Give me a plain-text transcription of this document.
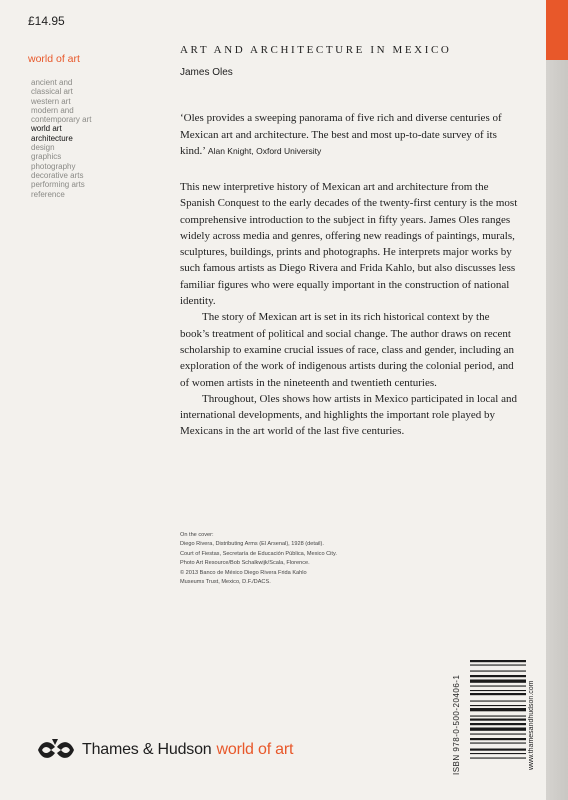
£14.95
world of art
ancient and
classical art
western art
modern and
contemporary art
world art
architecture
design
graphics
photography
decorative arts
performing arts
reference
ART AND ARCHITECTURE IN MEXICO
James Oles
‘Oles provides a sweeping panorama of five rich and diverse centuries of Mexican art and architecture. The best and most up-to-date survey of its kind.’ Alan Knight, Oxford University

This new interpretive history of Mexican art and architecture from the Spanish Conquest to the early decades of the twenty-first century is the most comprehensive introduction to the subject in fifty years. James Oles ranges widely across media and genres, offering new readings of paintings, murals, sculptures, buildings, prints and photographs. He interprets major works by such famous artists as Diego Rivera and Frida Kahlo, but also discusses less familiar figures who were equally important in the construction of national identity.

The story of Mexican art is set in its rich historical context by the book’s treatment of political and social change. The author draws on recent scholarship to examine crucial issues of race, class and gender, including an exploration of the work of indigenous artists during the colonial period, and of women artists in the nineteenth and twentieth centuries.

Throughout, Oles shows how artists in Mexico participated in local and international developments, and highlights the important role played by Mexicans in the art world of the last five centuries.

On the cover:
Diego Rivera, Distributing Arms (El Arsenal), 1928 (detail).
Court of Fiestas, Secretaría de Educación Pública, Mexico City.
Photo Art Resource/Bob Schalkwijk/Scala, Florence.
© 2013 Banco de México Diego Rivera Frida Kahlo
Museums Trust, Mexico, D.F./DACS.
ISBN 978-0-500-20406-1	www.thamesandhudson.com
Thames & Hudson world of art
